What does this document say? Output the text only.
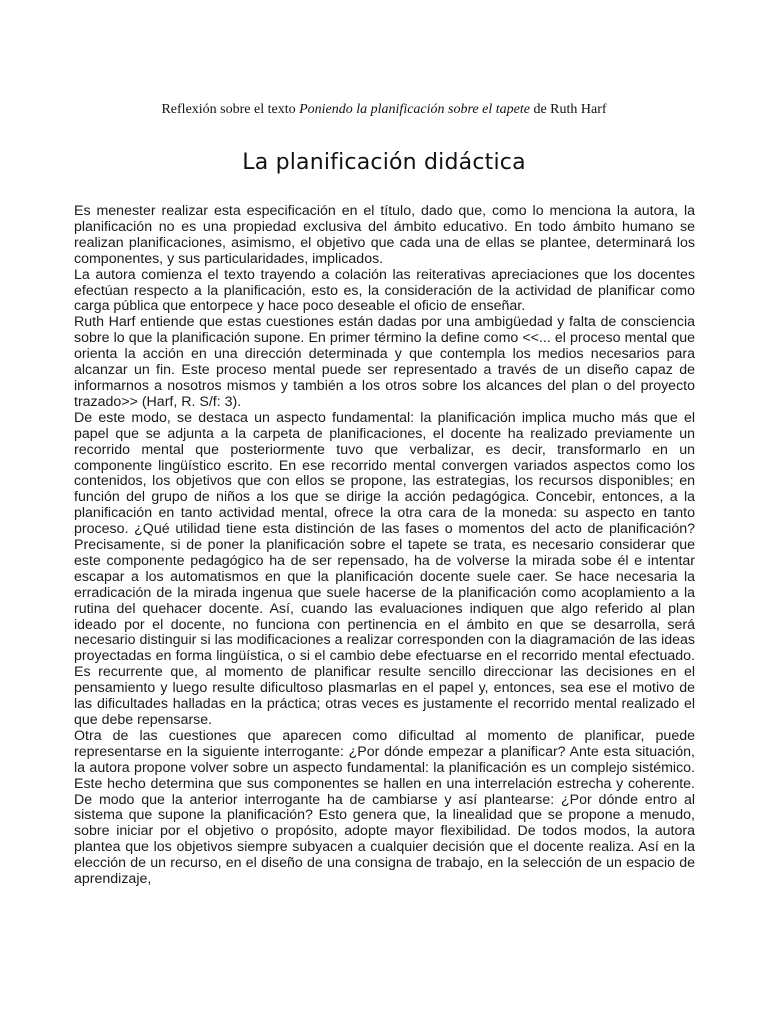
Reflexión sobre el texto Poniendo la planificación sobre el tapete de Ruth Harf
La planificación didáctica

Es menester realizar esta especificación en el título, dado que, como lo menciona la autora, la planificación no es una propiedad exclusiva del ámbito educativo. En todo ámbito humano se realizan planificaciones, asimismo, el objetivo que cada una de ellas se plantee, determinará los componentes, y sus particularidades, implicados.

La autora comienza el texto trayendo a colación las reiterativas apreciaciones que los docentes efectúan respecto a la planificación, esto es, la consideración de la actividad de planificar como carga pública que entorpece y hace poco deseable el oficio de enseñar.

Ruth Harf entiende que estas cuestiones están dadas por una ambigüedad y falta de consciencia sobre lo que la planificación supone. En primer término la define como <<... el proceso mental que orienta la acción en una dirección determinada y que contempla los medios necesarios para alcanzar un fin. Este proceso mental puede ser representado a través de un diseño capaz de informarnos a nosotros mismos y también a los otros sobre los alcances del plan o del proyecto trazado>> (Harf, R. S/f: 3).

De este modo, se destaca un aspecto fundamental: la planificación implica mucho más que el papel que se adjunta a la carpeta de planificaciones, el docente ha realizado previamente un recorrido mental que posteriormente tuvo que verbalizar, es decir, transformarlo en un componente lingüístico escrito. En ese recorrido mental convergen variados aspectos como los contenidos, los objetivos que con ellos se propone, las estrategias, los recursos disponibles; en función del grupo de niños a los que se dirige la acción pedagógica. Concebir, entonces, a la planificación en tanto actividad mental, ofrece la otra cara de la moneda: su aspecto en tanto proceso. ¿Qué utilidad tiene esta distinción de las fases o momentos del acto de planificación? Precisamente, si de poner la planificación sobre el tapete se trata, es necesario considerar que este componente pedagógico ha de ser repensado, ha de volverse la mirada sobe él e intentar escapar a los automatismos en que la planificación docente suele caer. Se hace necesaria la erradicación de la mirada ingenua que suele hacerse de la planificación como acoplamiento a la rutina del quehacer docente. Así, cuando las evaluaciones indiquen que algo referido al plan ideado por el docente, no funciona con pertinencia en el ámbito en que se desarrolla, será necesario distinguir si las modificaciones a realizar corresponden con la diagramación de las ideas proyectadas en forma lingüística, o si el cambio debe efectuarse en el recorrido mental efectuado. Es recurrente que, al momento de planificar resulte sencillo direccionar las decisiones en el pensamiento y luego resulte dificultoso plasmarlas en el papel y, entonces, sea ese el motivo de las dificultades halladas en la práctica; otras veces es justamente el recorrido mental realizado el que debe repensarse.

Otra de las cuestiones que aparecen como dificultad al momento de planificar, puede representarse en la siguiente interrogante: ¿Por dónde empezar a planificar? Ante esta situación, la autora propone volver sobre un aspecto fundamental: la planificación es un complejo sistémico. Este hecho determina que sus componentes se hallen en una interrelación estrecha y coherente. De modo que la anterior interrogante ha de cambiarse y así plantearse: ¿Por dónde entro al sistema que supone la planificación? Esto genera que, la linealidad que se propone a menudo, sobre iniciar por el objetivo o propósito, adopte mayor flexibilidad. De todos modos, la autora plantea que los objetivos siempre subyacen a cualquier decisión que el docente realiza. Así en la elección de un recurso, en el diseño de una consigna de trabajo, en la selección de un espacio de aprendizaje,
